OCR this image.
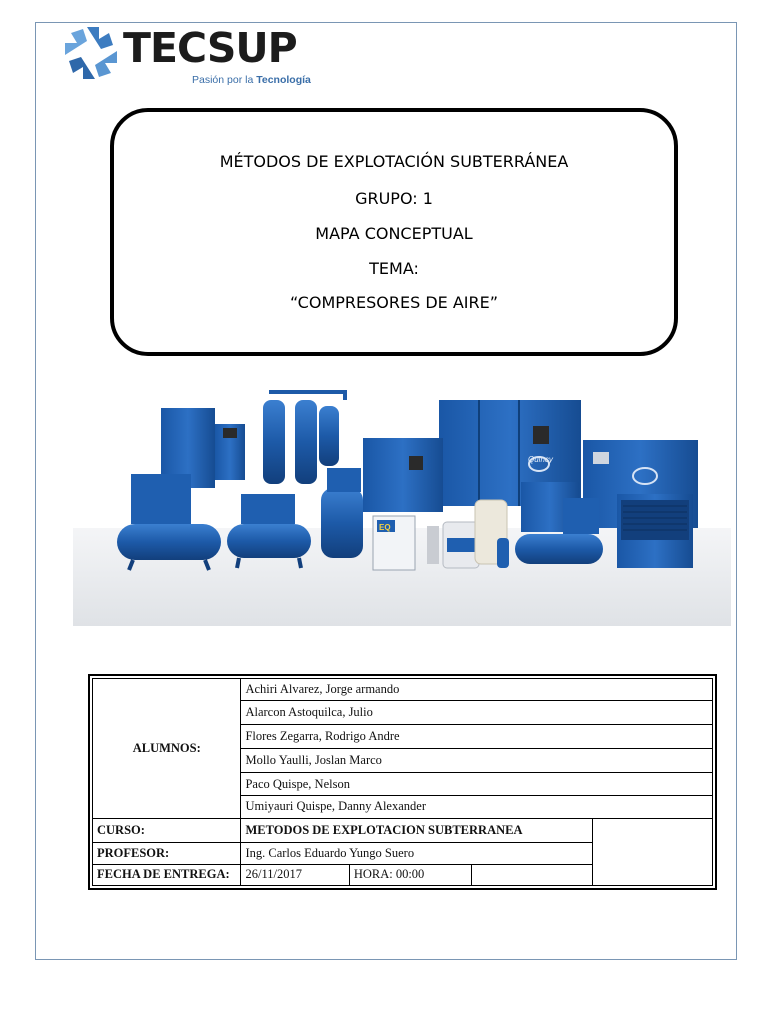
TECSUP
Pasión por la Tecnología
MÉTODOS DE EXPLOTACIÓN SUBTERRÁNEA
GRUPO: 1
MAPA CONCEPTUAL
TEMA:
“COMPRESORES DE AIRE”
EQ
Quincy
ALUMNOS:	Achiri Alvarez, Jorge armando			
	Alarcon Astoquilca, Julio			
	Flores Zegarra, Rodrigo Andre			
	Mollo Yaulli, Joslan Marco			
	Paco Quispe, Nelson			
	Umiyauri Quispe, Danny Alexander			
CURSO:	METODOS DE EXPLOTACION SUBTERRANEA			
PROFESOR:	Ing. Carlos Eduardo Yungo Suero			
FECHA DE ENTREGA:	26/11/2017	HORA: 00:00		
